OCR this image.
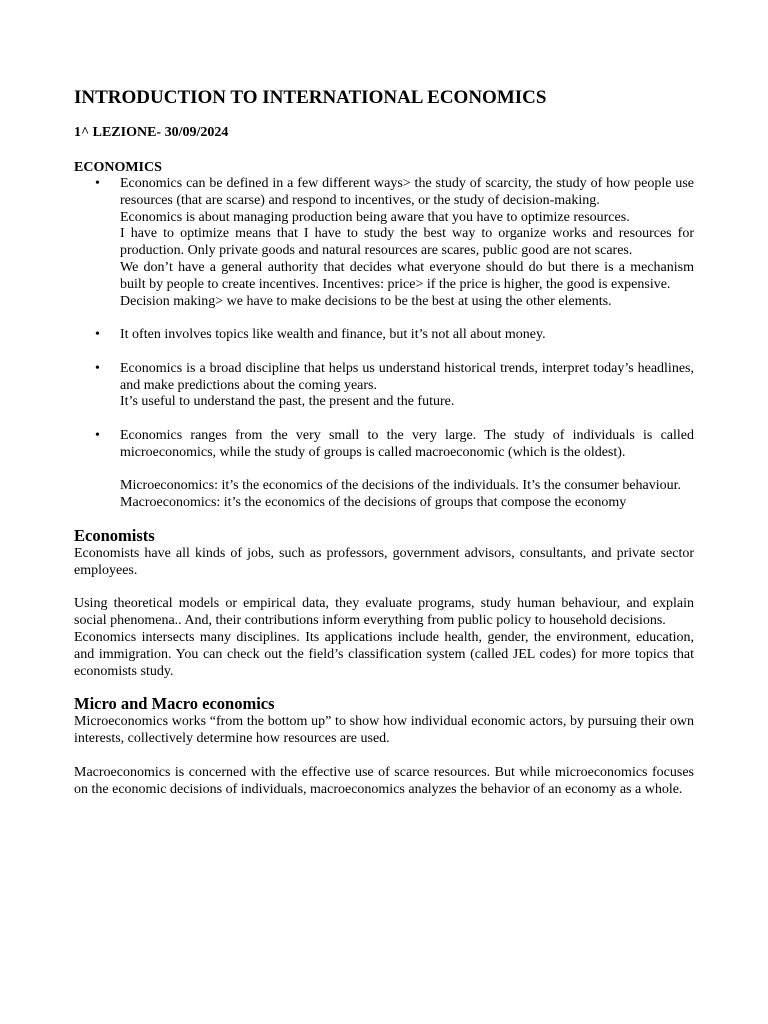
INTRODUCTION TO INTERNATIONAL ECONOMICS
1^ LEZIONE- 30/09/2024
ECONOMICS
• Economics can be defined in a few different ways> the study of scarcity, the study of how people use resources (that are scarse) and respond to incentives, or the study of decision-making.

Economics is about managing production being aware that you have to optimize resources.

I have to optimize means that I have to study the best way to organize works and resources for production. Only private goods and natural resources are scares, public good are not scares.

We don’t have a general authority that decides what everyone should do but there is a mechanism built by people to create incentives. Incentives: price> if the price is higher, the good is expensive.

Decision making> we have to make decisions to be the best at using the other elements.

• It often involves topics like wealth and finance, but it’s not all about money.

• Economics is a broad discipline that helps us understand historical trends, interpret today’s headlines, and make predictions about the coming years.

It’s useful to understand the past, the present and the future.

• Economics ranges from the very small to the very large. The study of individuals is called microeconomics, while the study of groups is called macroeconomic (which is the oldest).

Microeconomics: it’s the economics of the decisions of the individuals. It’s the consumer behaviour.

Macroeconomics: it’s the economics of the decisions of groups that compose the economy

Economists

Economists have all kinds of jobs, such as professors, government advisors, consultants, and private sector employees.

Using theoretical models or empirical data, they evaluate programs, study human behaviour, and explain social phenomena.. And, their contributions inform everything from public policy to household decisions.

Economics intersects many disciplines. Its applications include health, gender, the environment, education, and immigration. You can check out the field’s classification system (called JEL codes) for more topics that economists study.

Micro and Macro economics

Microeconomics works “from the bottom up” to show how individual economic actors, by pursuing their own interests, collectively determine how resources are used.

Macroeconomics is concerned with the effective use of scarce resources. But while microeconomics focuses on the economic decisions of individuals, macroeconomics analyzes the behavior of an economy as a whole.
